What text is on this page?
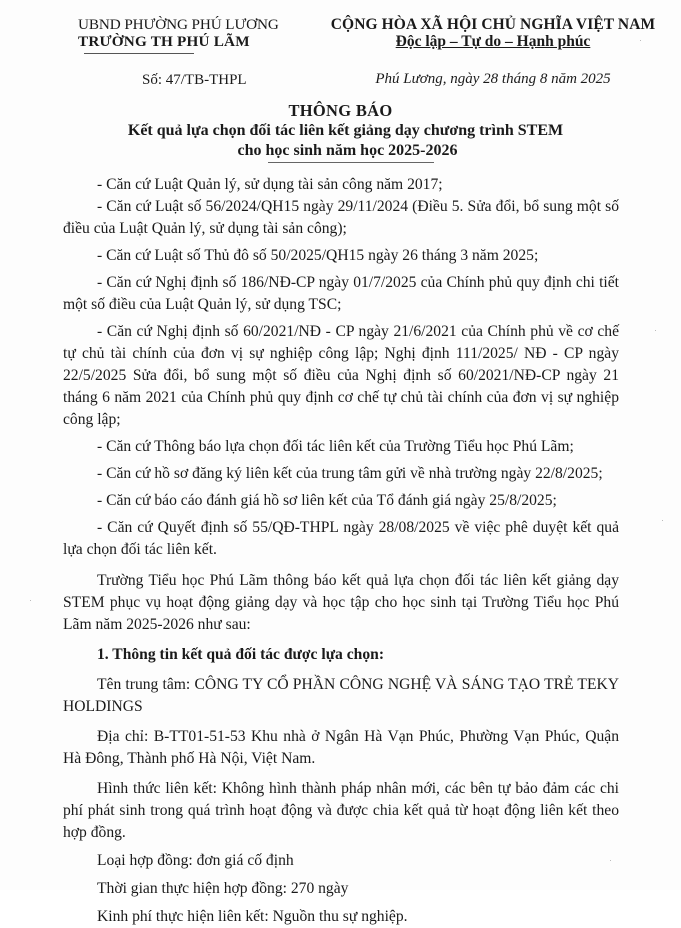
UBND PHƯỜNG PHÚ LƯƠNG
TRƯỜNG TH PHÚ LÃM
Số: 47/TB-THPL
CỘNG HÒA XÃ HỘI CHỦ NGHĨA VIỆT NAM
Độc lập – Tự do – Hạnh phúc
Phú Lương, ngày 28 tháng 8 năm 2025
THÔNG BÁO
Kết quả lựa chọn đối tác liên kết giảng dạy chương trình STEM
cho học sinh năm học 2025-2026

- Căn cứ Luật Quản lý, sử dụng tài sản công năm 2017;

- Căn cứ Luật số 56/2024/QH15 ngày 29/11/2024 (Điều 5. Sửa đổi, bổ sung một số điều của Luật Quản lý, sử dụng tài sản công);

- Căn cứ Luật số Thủ đô số 50/2025/QH15 ngày 26 tháng 3 năm 2025;

- Căn cứ Nghị định số 186/NĐ-CP ngày 01/7/2025 của Chính phủ quy định chi tiết một số điều của Luật Quản lý, sử dụng TSC;

- Căn cứ Nghị định số 60/2021/NĐ - CP ngày 21/6/2021 của Chính phủ về cơ chế tự chủ tài chính của đơn vị sự nghiệp công lập; Nghị định 111/2025/ NĐ - CP ngày 22/5/2025 Sửa đổi, bổ sung một số điều của Nghị định số 60/2021/NĐ-CP ngày 21 tháng 6 năm 2021 của Chính phủ quy định cơ chế tự chủ tài chính của đơn vị sự nghiệp công lập;

- Căn cứ Thông báo lựa chọn đối tác liên kết của Trường Tiểu học Phú Lãm;

- Căn cứ hồ sơ đăng ký liên kết của trung tâm gửi về nhà trường ngày 22/8/2025;

- Căn cứ báo cáo đánh giá hồ sơ liên kết của Tổ đánh giá ngày 25/8/2025;

- Căn cứ Quyết định số 55/QĐ-THPL ngày 28/08/2025 về việc phê duyệt kết quả lựa chọn đối tác liên kết.

Trường Tiểu học Phú Lãm thông báo kết quả lựa chọn đối tác liên kết giảng dạy STEM phục vụ hoạt động giảng dạy và học tập cho học sinh tại Trường Tiểu học Phú Lãm năm 2025-2026 như sau:

1. Thông tin kết quả đối tác được lựa chọn:

Tên trung tâm: CÔNG TY CỔ PHẦN CÔNG NGHỆ VÀ SÁNG TẠO TRẺ TEKY HOLDINGS

Địa chỉ: B-TT01-51-53 Khu nhà ở Ngân Hà Vạn Phúc, Phường Vạn Phúc, Quận Hà Đông, Thành phố Hà Nội, Việt Nam.

Hình thức liên kết: Không hình thành pháp nhân mới, các bên tự bảo đảm các chi phí phát sinh trong quá trình hoạt động và được chia kết quả từ hoạt động liên kết theo hợp đồng.

Loại hợp đồng: đơn giá cố định

Thời gian thực hiện hợp đồng: 270 ngày

Kinh phí thực hiện liên kết: Nguồn thu sự nghiệp.
